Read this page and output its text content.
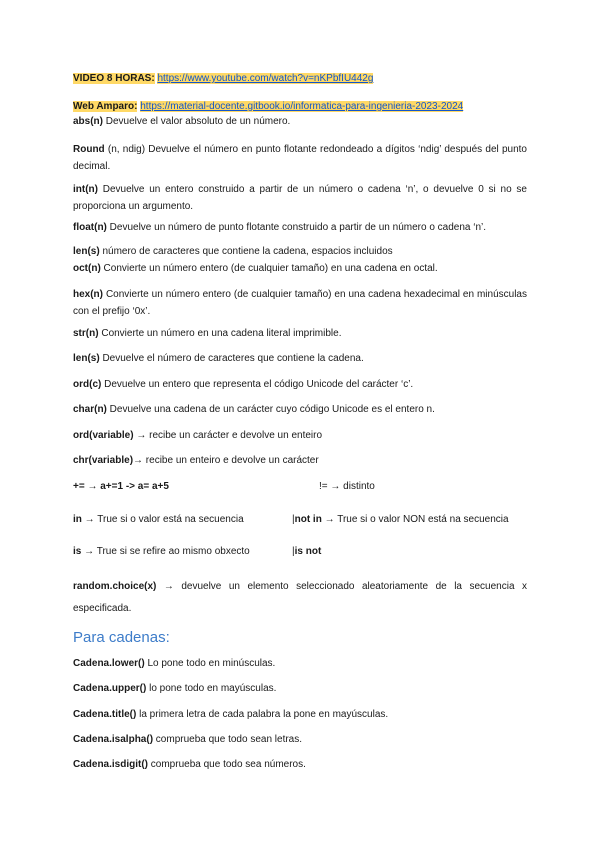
VIDEO 8 HORAS: https://www.youtube.com/watch?v=nKPbfIU442g
Web Amparo: https://material-docente.gitbook.io/informatica-para-ingenieria-2023-2024
abs(n) Devuelve el valor absoluto de un número.
Round (n, ndig) Devuelve el número en punto flotante redondeado a dígitos ‘ndig’ después del punto decimal.
int(n) Devuelve un entero construido a partir de un número o cadena ‘n’, o devuelve 0 si no se proporciona un argumento.
float(n) Devuelve un número de punto flotante construido a partir de un número o cadena ‘n’.
len(s) número de caracteres que contiene la cadena, espacios incluidos
oct(n) Convierte un número entero (de cualquier tamaño) en una cadena en octal.
hex(n) Convierte un número entero (de cualquier tamaño) en una cadena hexadecimal en minúsculas con el prefijo ‘0x’.
str(n) Convierte un número en una cadena literal imprimible.
len(s) Devuelve el número de caracteres que contiene la cadena.
ord(c) Devuelve un entero que representa el código Unicode del carácter ‘c’.
char(n) Devuelve una cadena de un carácter cuyo código Unicode es el entero n.
ord(variable) → recibe un carácter e devolve un enteiro
chr(variable)→ recibe un enteiro e devolve un carácter
+= → a+=1 -> a= a+5	!= → distinto
in → True si o valor está na secuencia	|not in → True si o valor NON está na secuencia
is → True si se refire ao mismo obxecto	|is not
random.choice(x) → devuelve un elemento seleccionado aleatoriamente de la secuencia x especificada.
Para cadenas:
Cadena.lower() Lo pone todo en minúsculas.
Cadena.upper() lo pone todo en mayúsculas.
Cadena.title() la primera letra de cada palabra la pone en mayúsculas.
Cadena.isalpha() comprueba que todo sean letras.
Cadena.isdigit() comprueba que todo sea números.
